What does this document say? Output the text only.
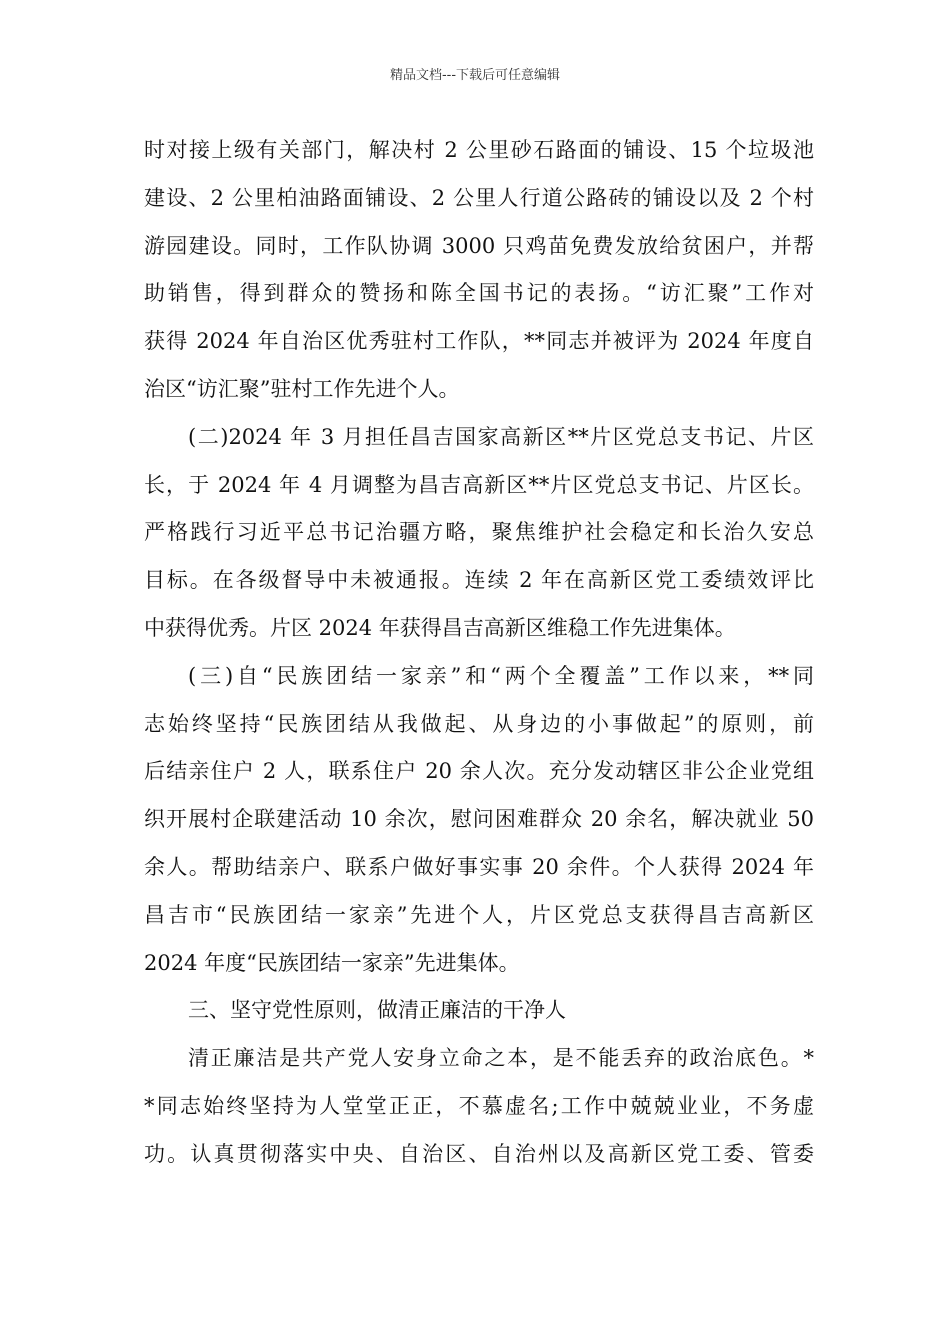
精品文档---下载后可任意编辑
时对接上级有关部门，解决村 2 公里砂石路面的铺设、15 个垃圾池
建设、2 公里柏油路面铺设、2 公里人行道公路砖的铺设以及 2 个村
游园建设。同时，工作队协调 3000 只鸡苗免费发放给贫困户，并帮
助销售，得到群众的赞扬和陈全国书记的表扬。“访汇聚”工作对
获得 2024 年自治区优秀驻村工作队，**同志并被评为 2024 年度自
治区“访汇聚”驻村工作先进个人。
(二)2024 年 3 月担任昌吉国家高新区**片区党总支书记、片区
长，于 2024 年 4 月调整为昌吉高新区**片区党总支书记、片区长。
严格践行习近平总书记治疆方略，聚焦维护社会稳定和长治久安总
目标。在各级督导中未被通报。连续 2 年在高新区党工委绩效评比
中获得优秀。片区 2024 年获得昌吉高新区维稳工作先进集体。
(三)自“民族团结一家亲”和“两个全覆盖”工作以来，**同
志始终坚持“民族团结从我做起、从身边的小事做起”的原则，前
后结亲住户 2 人，联系住户 20 余人次。充分发动辖区非公企业党组
织开展村企联建活动 10 余次，慰问困难群众 20 余名，解决就业 50
余人。帮助结亲户、联系户做好事实事 20 余件。个人获得 2024 年
昌吉市“民族团结一家亲”先进个人，片区党总支获得昌吉高新区
2024 年度“民族团结一家亲”先进集体。
三、坚守党性原则，做清正廉洁的干净人
清正廉洁是共产党人安身立命之本，是不能丢弃的政治底色。*
*同志始终坚持为人堂堂正正，不慕虚名;工作中兢兢业业，不务虚
功。认真贯彻落实中央、自治区、自治州以及高新区党工委、管委
